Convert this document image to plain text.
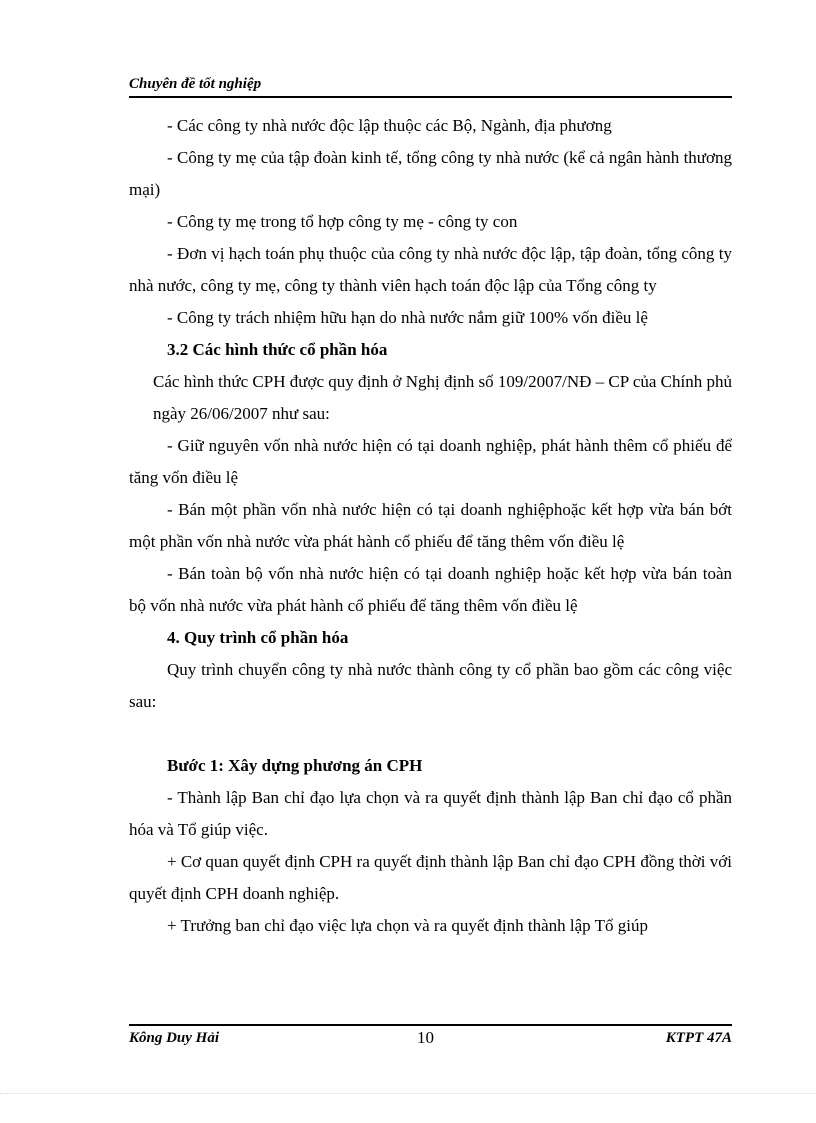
Chuyên đề tốt nghiệp

- Các công ty nhà nước độc lập thuộc các Bộ, Ngành, địa phương

- Công ty mẹ của tập đoàn kinh tế, tổng công ty nhà nước (kể cả ngân hành thương mại)

- Công ty mẹ trong tổ hợp công ty mẹ - công ty con

- Đơn vị hạch toán phụ thuộc của công ty nhà nước độc lập, tập đoàn, tổng công ty nhà nước, công ty mẹ, công ty thành viên hạch toán độc lập của Tổng công ty

- Công ty trách nhiệm hữu hạn do nhà nước nắm giữ 100% vốn điều lệ

3.2 Các hình thức cổ phần hóa

Các hình thức CPH được quy định ở Nghị định số 109/2007/NĐ – CP của Chính phủ ngày 26/06/2007 như sau:

- Giữ nguyên vốn nhà nước hiện có tại doanh nghiệp, phát hành thêm cổ phiếu để tăng vốn điều lệ

- Bán một phần vốn nhà nước hiện có tại doanh nghiệphoặc kết hợp vừa bán bớt một phần vốn nhà nước vừa phát hành cổ phiếu để tăng thêm vốn điều lệ

- Bán toàn bộ vốn nhà nước hiện có tại doanh nghiệp hoặc kết hợp vừa bán toàn bộ vốn nhà nước vừa phát hành cổ phiếu để tăng thêm vốn điều lệ

4. Quy trình cổ phần hóa

Quy trình chuyển công ty nhà nước thành công ty cổ phần bao gồm các công việc sau:

Bước 1: Xây dựng phương án CPH

- Thành lập Ban chỉ đạo lựa chọn và ra quyết định thành lập Ban chỉ đạo cổ phần hóa và Tổ giúp việc.

+ Cơ quan quyết định CPH ra quyết định thành lập Ban chỉ đạo CPH đồng thời với quyết định CPH doanh nghiệp.

+ Trưởng ban chỉ đạo việc lựa chọn và ra quyết định thành lập Tổ giúp

Kông Duy Hải	10	KTPT 47A
